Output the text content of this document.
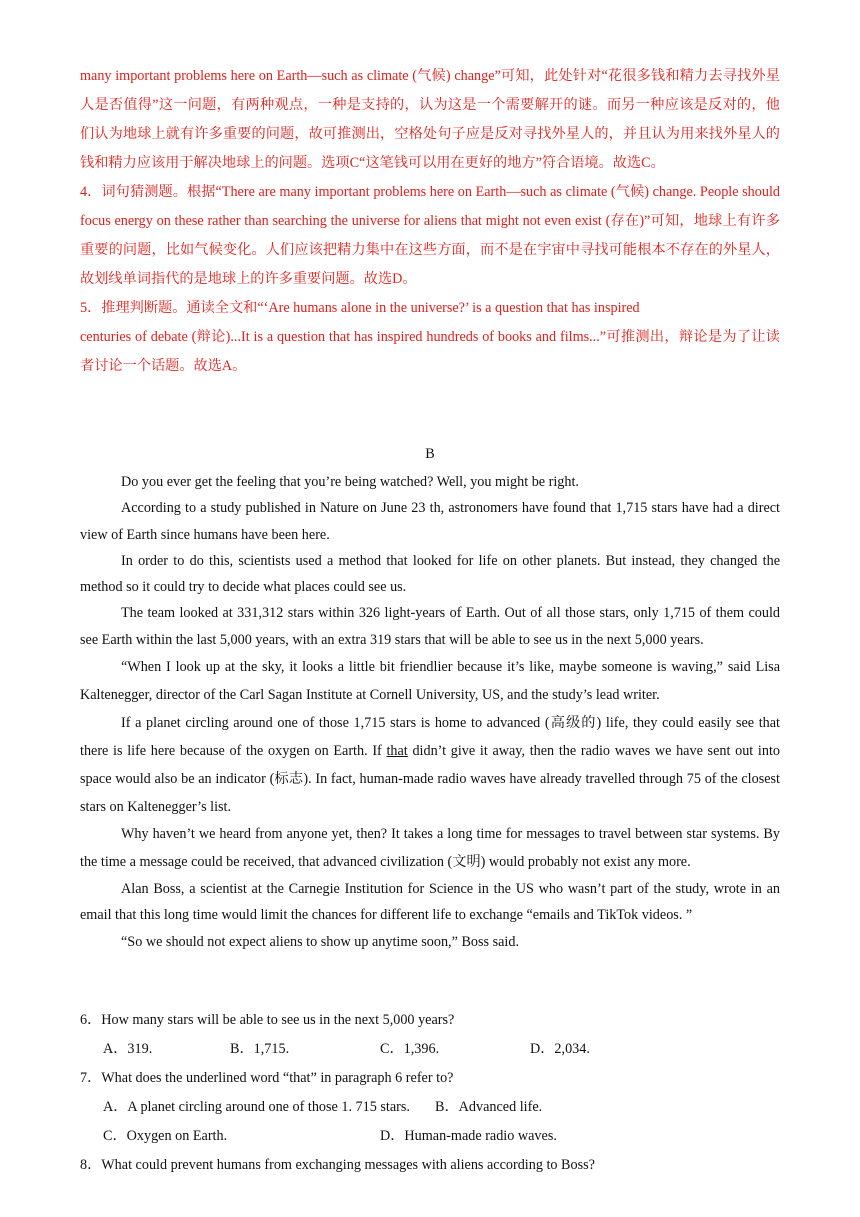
many important problems here on Earth—such as climate (气候) change”可知，此处针对“花很多钱和精力去寻找外星人是否值得”这一问题，有两种观点，一种是支持的，认为这是一个需要解开的谜。而另一种应该是反对的，他们认为地球上就有许多重要的问题，故可推测出，空格处句子应是反对寻找外星人的，并且认为用来找外星人的钱和精力应该用于解决地球上的问题。选项C“这笔钱可以用在更好的地方”符合语境。故选C。

4．词句猜测题。根据“There are many important problems here on Earth—such as climate (气候) change. People should focus energy on these rather than searching the universe for aliens that might not even exist (存在)”可知，地球上有许多重要的问题，比如气候变化。人们应该把精力集中在这些方面，而不是在宇宙中寻找可能根本不存在的外星人，故划线单词指代的是地球上的许多重要问题。故选D。

5．推理判断题。通读全文和“‘Are humans alone in the universe?’ is a question that has inspired

centuries of debate (辩论)...It is a question that has inspired hundreds of books and films...”可推测出，辩论是为了让读者讨论一个话题。故选A。

B

Do you ever get the feeling that you’re being watched? Well, you might be right.

According to a study published in Nature on June 23 th, astronomers have found that 1,715 stars have had a direct view of Earth since humans have been here.

In order to do this, scientists used a method that looked for life on other planets. But instead, they changed the method so it could try to decide what places could see us.

The team looked at 331,312 stars within 326 light-years of Earth. Out of all those stars, only 1,715 of them could see Earth within the last 5,000 years, with an extra 319 stars that will be able to see us in the next 5,000 years.

“When I look up at the sky, it looks a little bit friendlier because it’s like, maybe someone is waving,” said Lisa Kaltenegger, director of the Carl Sagan Institute at Cornell University, US, and the study’s lead writer.

If a planet circling around one of those 1,715 stars is home to advanced (高级的) life, they could easily see that there is life here because of the oxygen on Earth. If that didn’t give it away, then the radio waves we have sent out into space would also be an indicator (标志). In fact, human-made radio waves have already travelled through 75 of the closest stars on Kaltenegger’s list.

Why haven’t we heard from anyone yet, then? It takes a long time for messages to travel between star systems. By the time a message could be received, that advanced civilization (文明) would probably not exist any more.

Alan Boss, a scientist at the Carnegie Institution for Science in the US who wasn’t part of the study, wrote in an email that this long time would limit the chances for different life to exchange “emails and TikTok videos. ”

“So we should not expect aliens to show up anytime soon,” Boss said.

6．How many stars will be able to see us in the next 5,000 years?

A．319.	B．1,715.	C．1,396.	D．2,034.

7．What does the underlined word “that” in paragraph 6 refer to?

A．A planet circling around one of those 1. 715 stars.	B．Advanced life.
C．Oxygen on Earth.	D．Human-made radio waves.

8．What could prevent humans from exchanging messages with aliens according to Boss?
